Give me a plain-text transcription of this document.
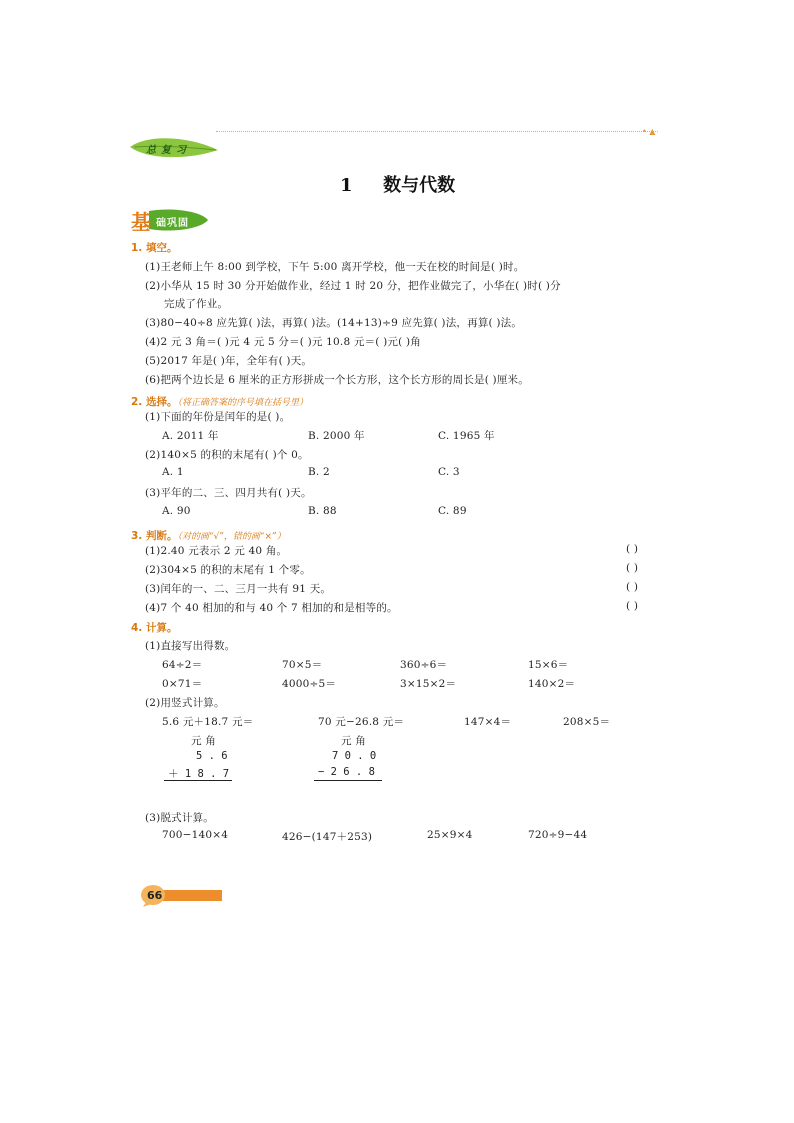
• ▲
总复习
1 数与代数
基 础巩固
1. 填空。
(1)王老师上午 8:00 到学校，下午 5:00 离开学校，他一天在校的时间是( )时。
(2)小华从 15 时 30 分开始做作业，经过 1 时 20 分，把作业做完了，小华在( )时( )分
完成了作业。
(3)80−40÷8 应先算( )法，再算( )法。(14+13)÷9 应先算( )法，再算( )法。
(4)2 元 3 角＝( )元 4 元 5 分＝( )元 10.8 元＝( )元( )角
(5)2017 年是( )年，全年有( )天。
(6)把两个边长是 6 厘米的正方形拼成一个长方形，这个长方形的周长是( )厘米。
2. 选择。（将正确答案的序号填在括号里）
(1)下面的年份是闰年的是( )。
A. 2011 年	B. 2000 年	C. 1965 年
(2)140×5 的积的末尾有( )个 0。
A. 1	B. 2	C. 3
(3)平年的二、三、四月共有( )天。
A. 90	B. 88	C. 89
3. 判断。（对的画“√”，错的画“×”）
(1)2.40 元表示 2 元 40 角。	( )
(2)304×5 的积的末尾有 1 个零。	( )
(3)闰年的一、二、三月一共有 91 天。	( )
(4)7 个 40 相加的和与 40 个 7 相加的和是相等的。	( )
4. 计算。
(1)直接写出得数。
64÷2＝	70×5＝	360÷6＝	15×6＝
0×71＝	4000÷5＝	3×15×2＝	140×2＝
(2)用竖式计算。
5.6 元＋18.7 元＝	70 元−26.8 元＝	147×4＝	208×5＝
元 角
5 . 6
＋ 1 8 . 7
元 角
7 0 . 0
− 2 6 . 8
(3)脱式计算。
700−140×4	426−(147＋253)	25×9×4	720÷9−44
66
